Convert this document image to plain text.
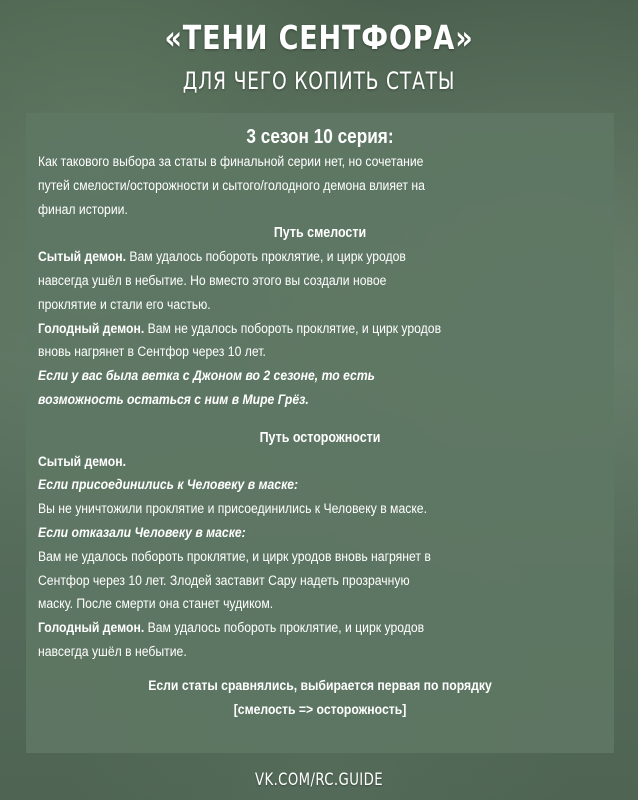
«ТЕНИ СЕНТФОРА»
ДЛЯ ЧЕГО КОПИТЬ СТАТЫ
3 сезон 10 серия:
Как такового выбора за статы в финальной серии нет, но сочетание
путей смелости/осторожности и сытого/голодного демона влияет на
финал истории.
Путь смелости
Сытый демон. Вам удалось побороть проклятие, и цирк уродов
навсегда ушёл в небытие. Но вместо этого вы создали новое
проклятие и стали его частью.
Голодный демон. Вам не удалось побороть проклятие, и цирк уродов
вновь нагрянет в Сентфор через 10 лет.
Если у вас была ветка с Джоном во 2 сезоне, то есть
возможность остаться с ним в Мире Грёз.
Путь осторожности
Сытый демон.
Если присоединились к Человеку в маске:
Вы не уничтожили проклятие и присоединились к Человеку в маске.
Если отказали Человеку в маске:
Вам не удалось побороть проклятие, и цирк уродов вновь нагрянет в
Сентфор через 10 лет. Злодей заставит Сару надеть прозрачную
маску. После смерти она станет чудиком.
Голодный демон. Вам удалось побороть проклятие, и цирк уродов
навсегда ушёл в небытие.
Если статы сравнялись, выбирается первая по порядку
[смелость => осторожность]
VK.COM/RC.GUIDE
